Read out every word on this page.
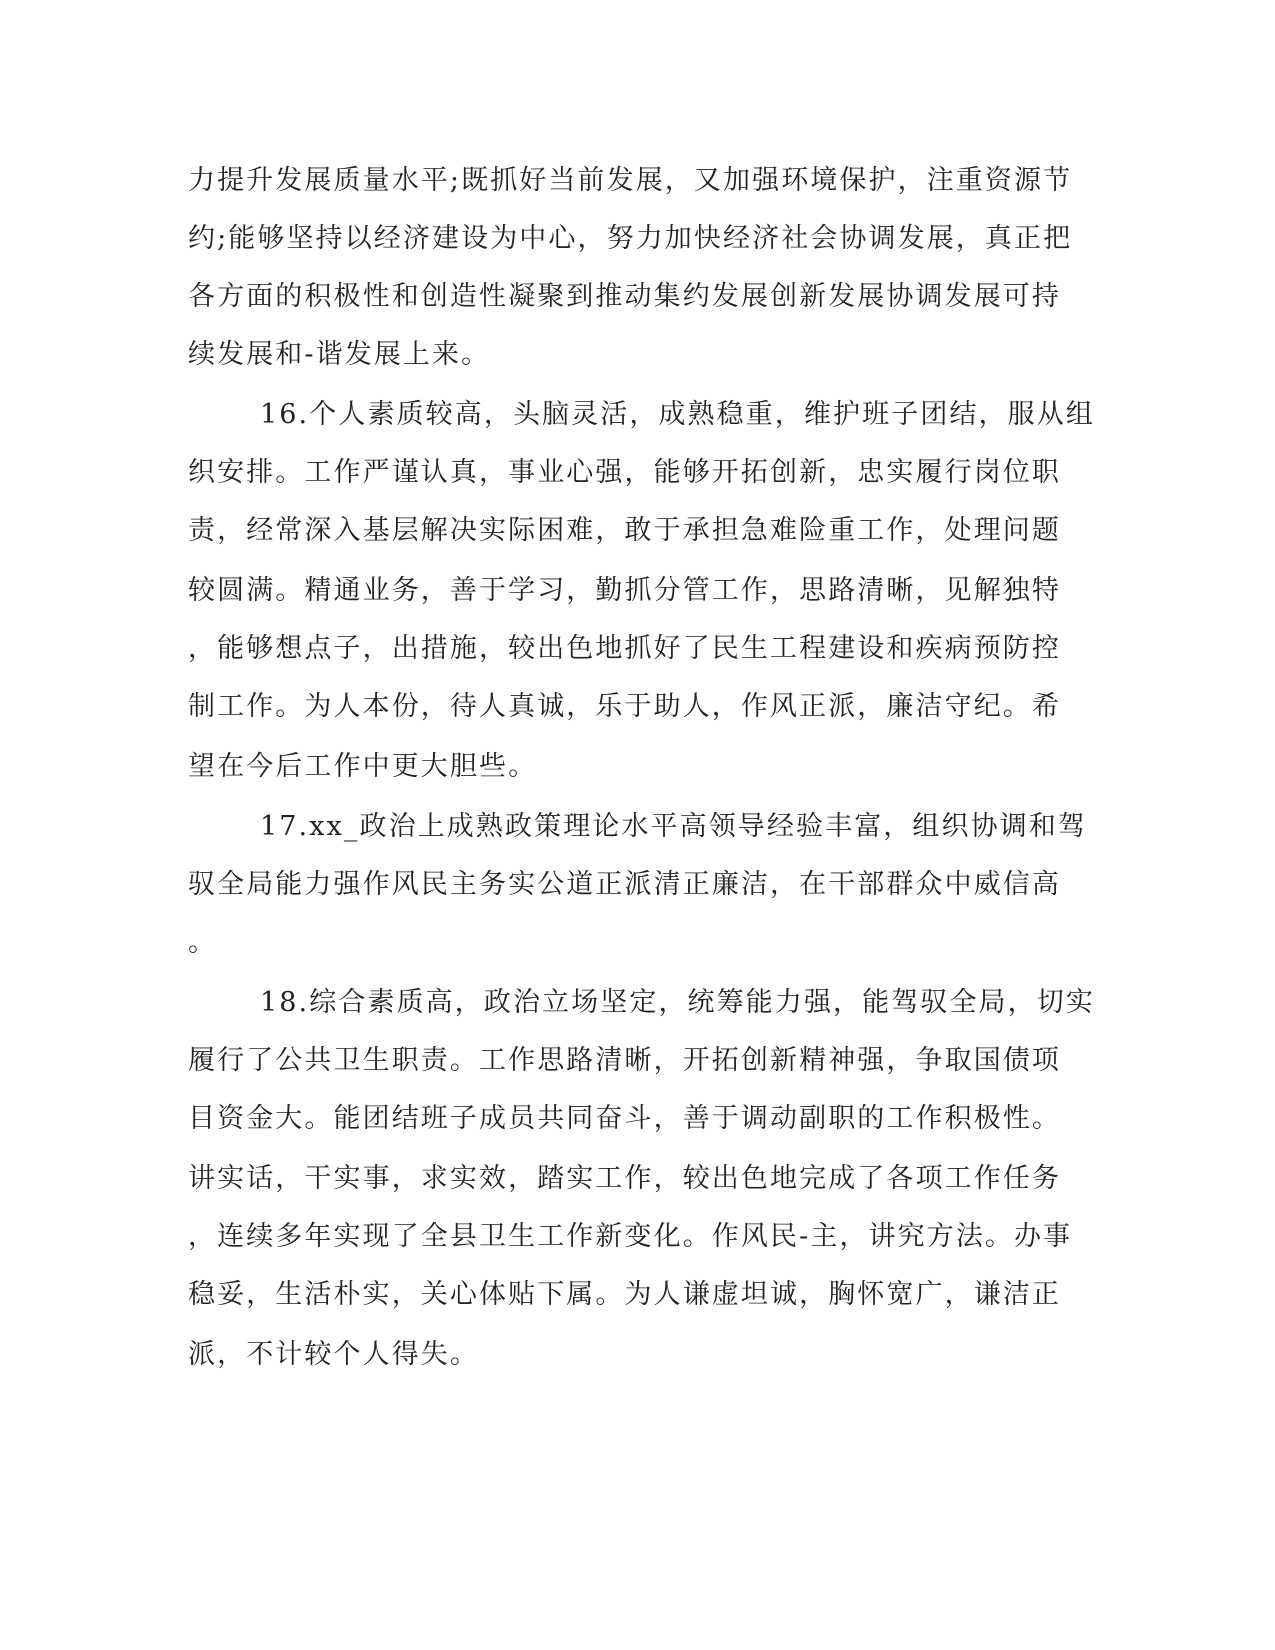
力提升发展质量水平;既抓好当前发展，又加强环境保护，注重资源节
约;能够坚持以经济建设为中心，努力加快经济社会协调发展，真正把
各方面的积极性和创造性凝聚到推动集约发展创新发展协调发展可持
续发展和-谐发展上来。
16.个人素质较高，头脑灵活，成熟稳重，维护班子团结，服从组
织安排。工作严谨认真，事业心强，能够开拓创新，忠实履行岗位职
责，经常深入基层解决实际困难，敢于承担急难险重工作，处理问题
较圆满。精通业务，善于学习，勤抓分管工作，思路清晰，见解独特
，能够想点子，出措施，较出色地抓好了民生工程建设和疾病预防控
制工作。为人本份，待人真诚，乐于助人，作风正派，廉洁守纪。希
望在今后工作中更大胆些。
17.xx_政治上成熟政策理论水平高领导经验丰富，组织协调和驾
驭全局能力强作风民主务实公道正派清正廉洁，在干部群众中威信高
。
18.综合素质高，政治立场坚定，统筹能力强，能驾驭全局，切实
履行了公共卫生职责。工作思路清晰，开拓创新精神强，争取国债项
目资金大。能团结班子成员共同奋斗，善于调动副职的工作积极性。
讲实话，干实事，求实效，踏实工作，较出色地完成了各项工作任务
，连续多年实现了全县卫生工作新变化。作风民-主，讲究方法。办事
稳妥，生活朴实，关心体贴下属。为人谦虚坦诚，胸怀宽广，谦洁正
派，不计较个人得失。
